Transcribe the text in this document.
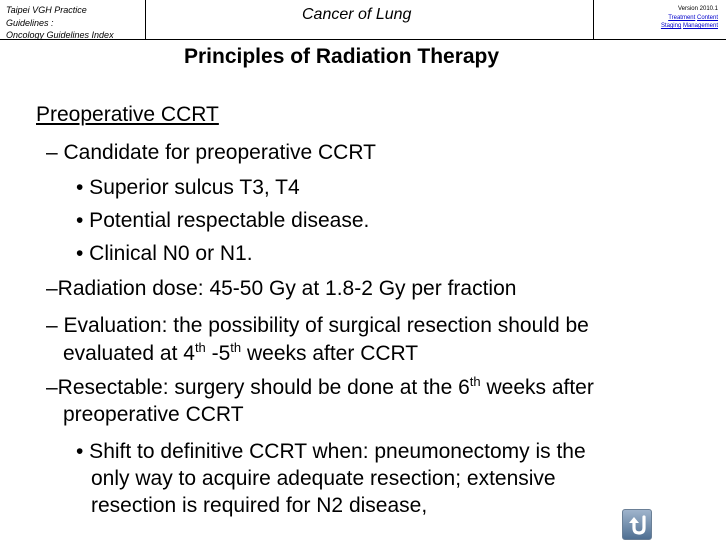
Taipei VGH Practice
Guidelines :
Oncology Guidelines Index
Cancer of Lung	Version 2010.1
Treatment Content
Staging Management
Principles of Radiation Therapy
Preoperative CCRT
– Candidate for preoperative CCRT
• Superior sulcus T3, T4
• Potential respectable disease.
• Clinical N0 or N1.
–Radiation dose: 45-50 Gy at 1.8-2 Gy per fraction
– Evaluation: the possibility of surgical resection should be
evaluated at 4th -5th weeks after CCRT
–Resectable: surgery should be done at the 6th weeks after
preoperative CCRT
• Shift to definitive CCRT when: pneumonectomy is the
only way to acquire adequate resection; extensive
resection is required for N2 disease,
